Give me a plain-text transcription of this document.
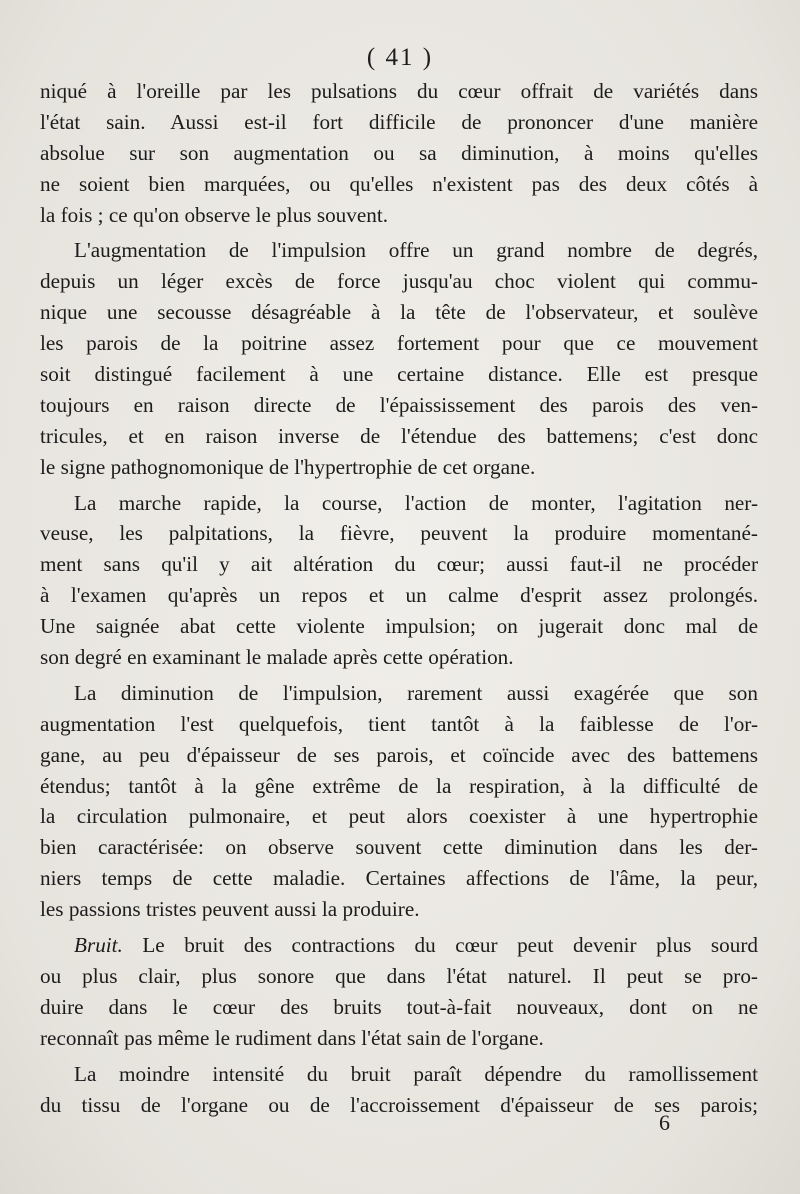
( 41 )
niqué à l'oreille par les pulsations du cœur offrait de variétés dans
l'état sain. Aussi est-il fort difficile de prononcer d'une manière
absolue sur son augmentation ou sa diminution, à moins qu'elles
ne soient bien marquées, ou qu'elles n'existent pas des deux côtés à
la fois ; ce qu'on observe le plus souvent.
L'augmentation de l'impulsion offre un grand nombre de degrés,
depuis un léger excès de force jusqu'au choc violent qui commu-
nique une secousse désagréable à la tête de l'observateur, et soulève
les parois de la poitrine assez fortement pour que ce mouvement
soit distingué facilement à une certaine distance. Elle est presque
toujours en raison directe de l'épaississement des parois des ven-
tricules, et en raison inverse de l'étendue des battemens; c'est donc
le signe pathognomonique de l'hypertrophie de cet organe.
La marche rapide, la course, l'action de monter, l'agitation ner-
veuse, les palpitations, la fièvre, peuvent la produire momentané-
ment sans qu'il y ait altération du cœur; aussi faut-il ne procéder
à l'examen qu'après un repos et un calme d'esprit assez prolongés.
Une saignée abat cette violente impulsion; on jugerait donc mal de
son degré en examinant le malade après cette opération.
La diminution de l'impulsion, rarement aussi exagérée que son
augmentation l'est quelquefois, tient tantôt à la faiblesse de l'or-
gane, au peu d'épaisseur de ses parois, et coïncide avec des battemens
étendus; tantôt à la gêne extrême de la respiration, à la difficulté de
la circulation pulmonaire, et peut alors coexister à une hypertrophie
bien caractérisée: on observe souvent cette diminution dans les der-
niers temps de cette maladie. Certaines affections de l'âme, la peur,
les passions tristes peuvent aussi la produire.
Bruit. Le bruit des contractions du cœur peut devenir plus sourd
ou plus clair, plus sonore que dans l'état naturel. Il peut se pro-
duire dans le cœur des bruits tout-à-fait nouveaux, dont on ne
reconnaît pas même le rudiment dans l'état sain de l'organe.
La moindre intensité du bruit paraît dépendre du ramollissement
du tissu de l'organe ou de l'accroissement d'épaisseur de ses parois;
6
